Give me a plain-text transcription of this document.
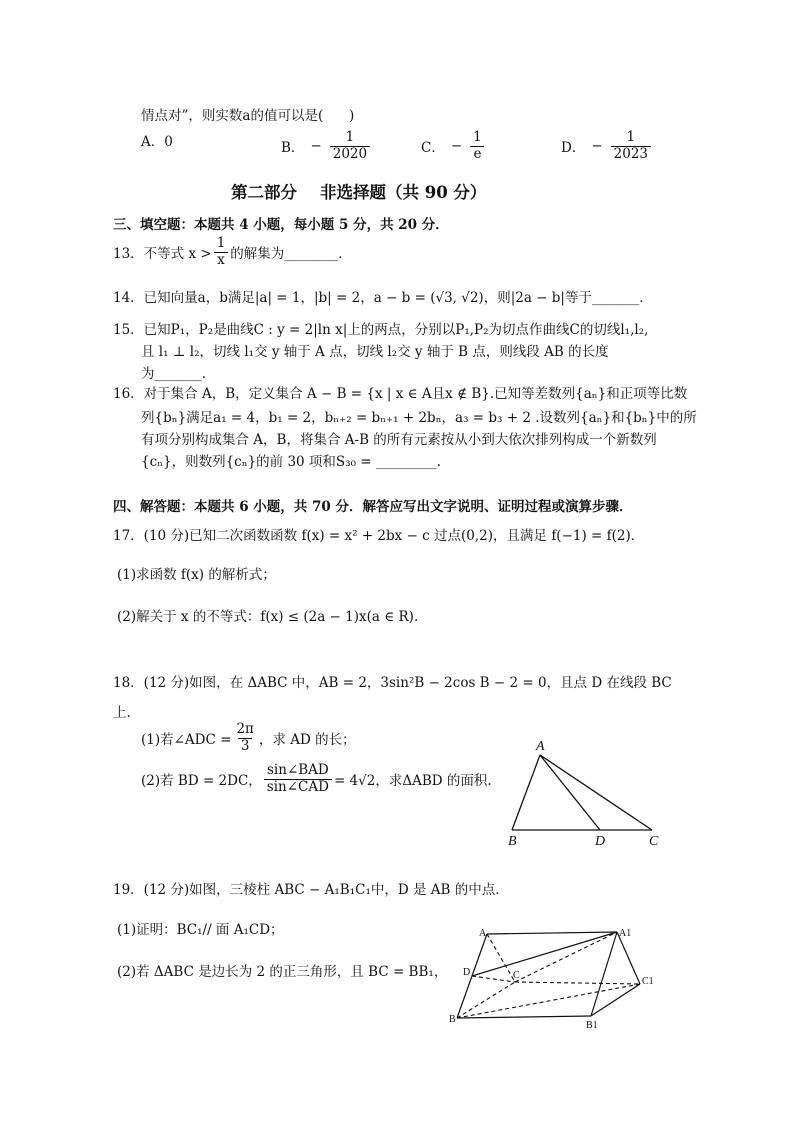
情点对”，则实数a的值可以是(      )
A．0	B． − $\frac{1}{2020}$	C． − $\frac{1}{e}$	D． − $\frac{1}{2023}$
第二部分    非选择题（共 90 分）
三、填空题：本题共 4 小题，每小题 5 分，共 20 分．
13．不等式 $x > \frac{1}{x}$ 的解集为________．
14．已知向量a，b满足|a| = 1，|b| = 2，a − b = (√3, √2)，则|2a − b|等于_______．
15．已知P₁，P₂是曲线C : y = 2|ln x|上的两点，分别以P₁,P₂为切点作曲线C的切线l₁,l₂,
且 l₁ ⊥ l₂，切线 l₁交 y 轴于 A 点，切线 l₂交 y 轴于 B 点，则线段 AB 的长度
为_______.
16．对于集合 A，B，定义集合 A − B = {x | x ∈ A且x ∉ B}.已知等差数列{aₙ}和正项等比数
列{bₙ}满足a₁ = 4，b₁ = 2，bₙ₊₂ = bₙ₊₁ + 2bₙ，a₃ = b₃ + 2 .设数列{aₙ}和{bₙ}中的所
有项分别构成集合 A，B，将集合 A-B 的所有元素按从小到大依次排列构成一个新数列
{cₙ}，则数列{cₙ}的前 30 项和S₃₀ = _________.
四、解答题：本题共 6 小题，共 70 分．解答应写出文字说明、证明过程或演算步骤．
17．(10 分)已知二次函数函数 f(x) = x² + 2bx − c 过点(0,2)，且满足 f(−1) = f(2)．
(1)求函数 f(x) 的解析式；
(2)解关于 x 的不等式：f(x) ≤ (2a − 1)x(a ∈ R).
18．(12 分)如图，在 ΔABC 中，AB = 2，3sin²B − 2cos B − 2 = 0，且点 D 在线段 BC
上.
(1)若∠ADC = $\frac{2\pi}{3}$ ，求 AD 的长；
(2)若 BD = 2DC， $\frac{\text{sin∠BAD}}{\text{sin∠CAD}} = 4√2$，求ΔABD 的面积.
A
B	D	C
19．(12 分)如图，三棱柱 ABC − A₁B₁C₁中，D 是 AB 的中点．
(1)证明：BC₁// 面 A₁CD；
(2)若 ΔABC 是边长为 2 的正三角形，且 BC = BB₁，
A	A1
D	C
C1
B
B1
